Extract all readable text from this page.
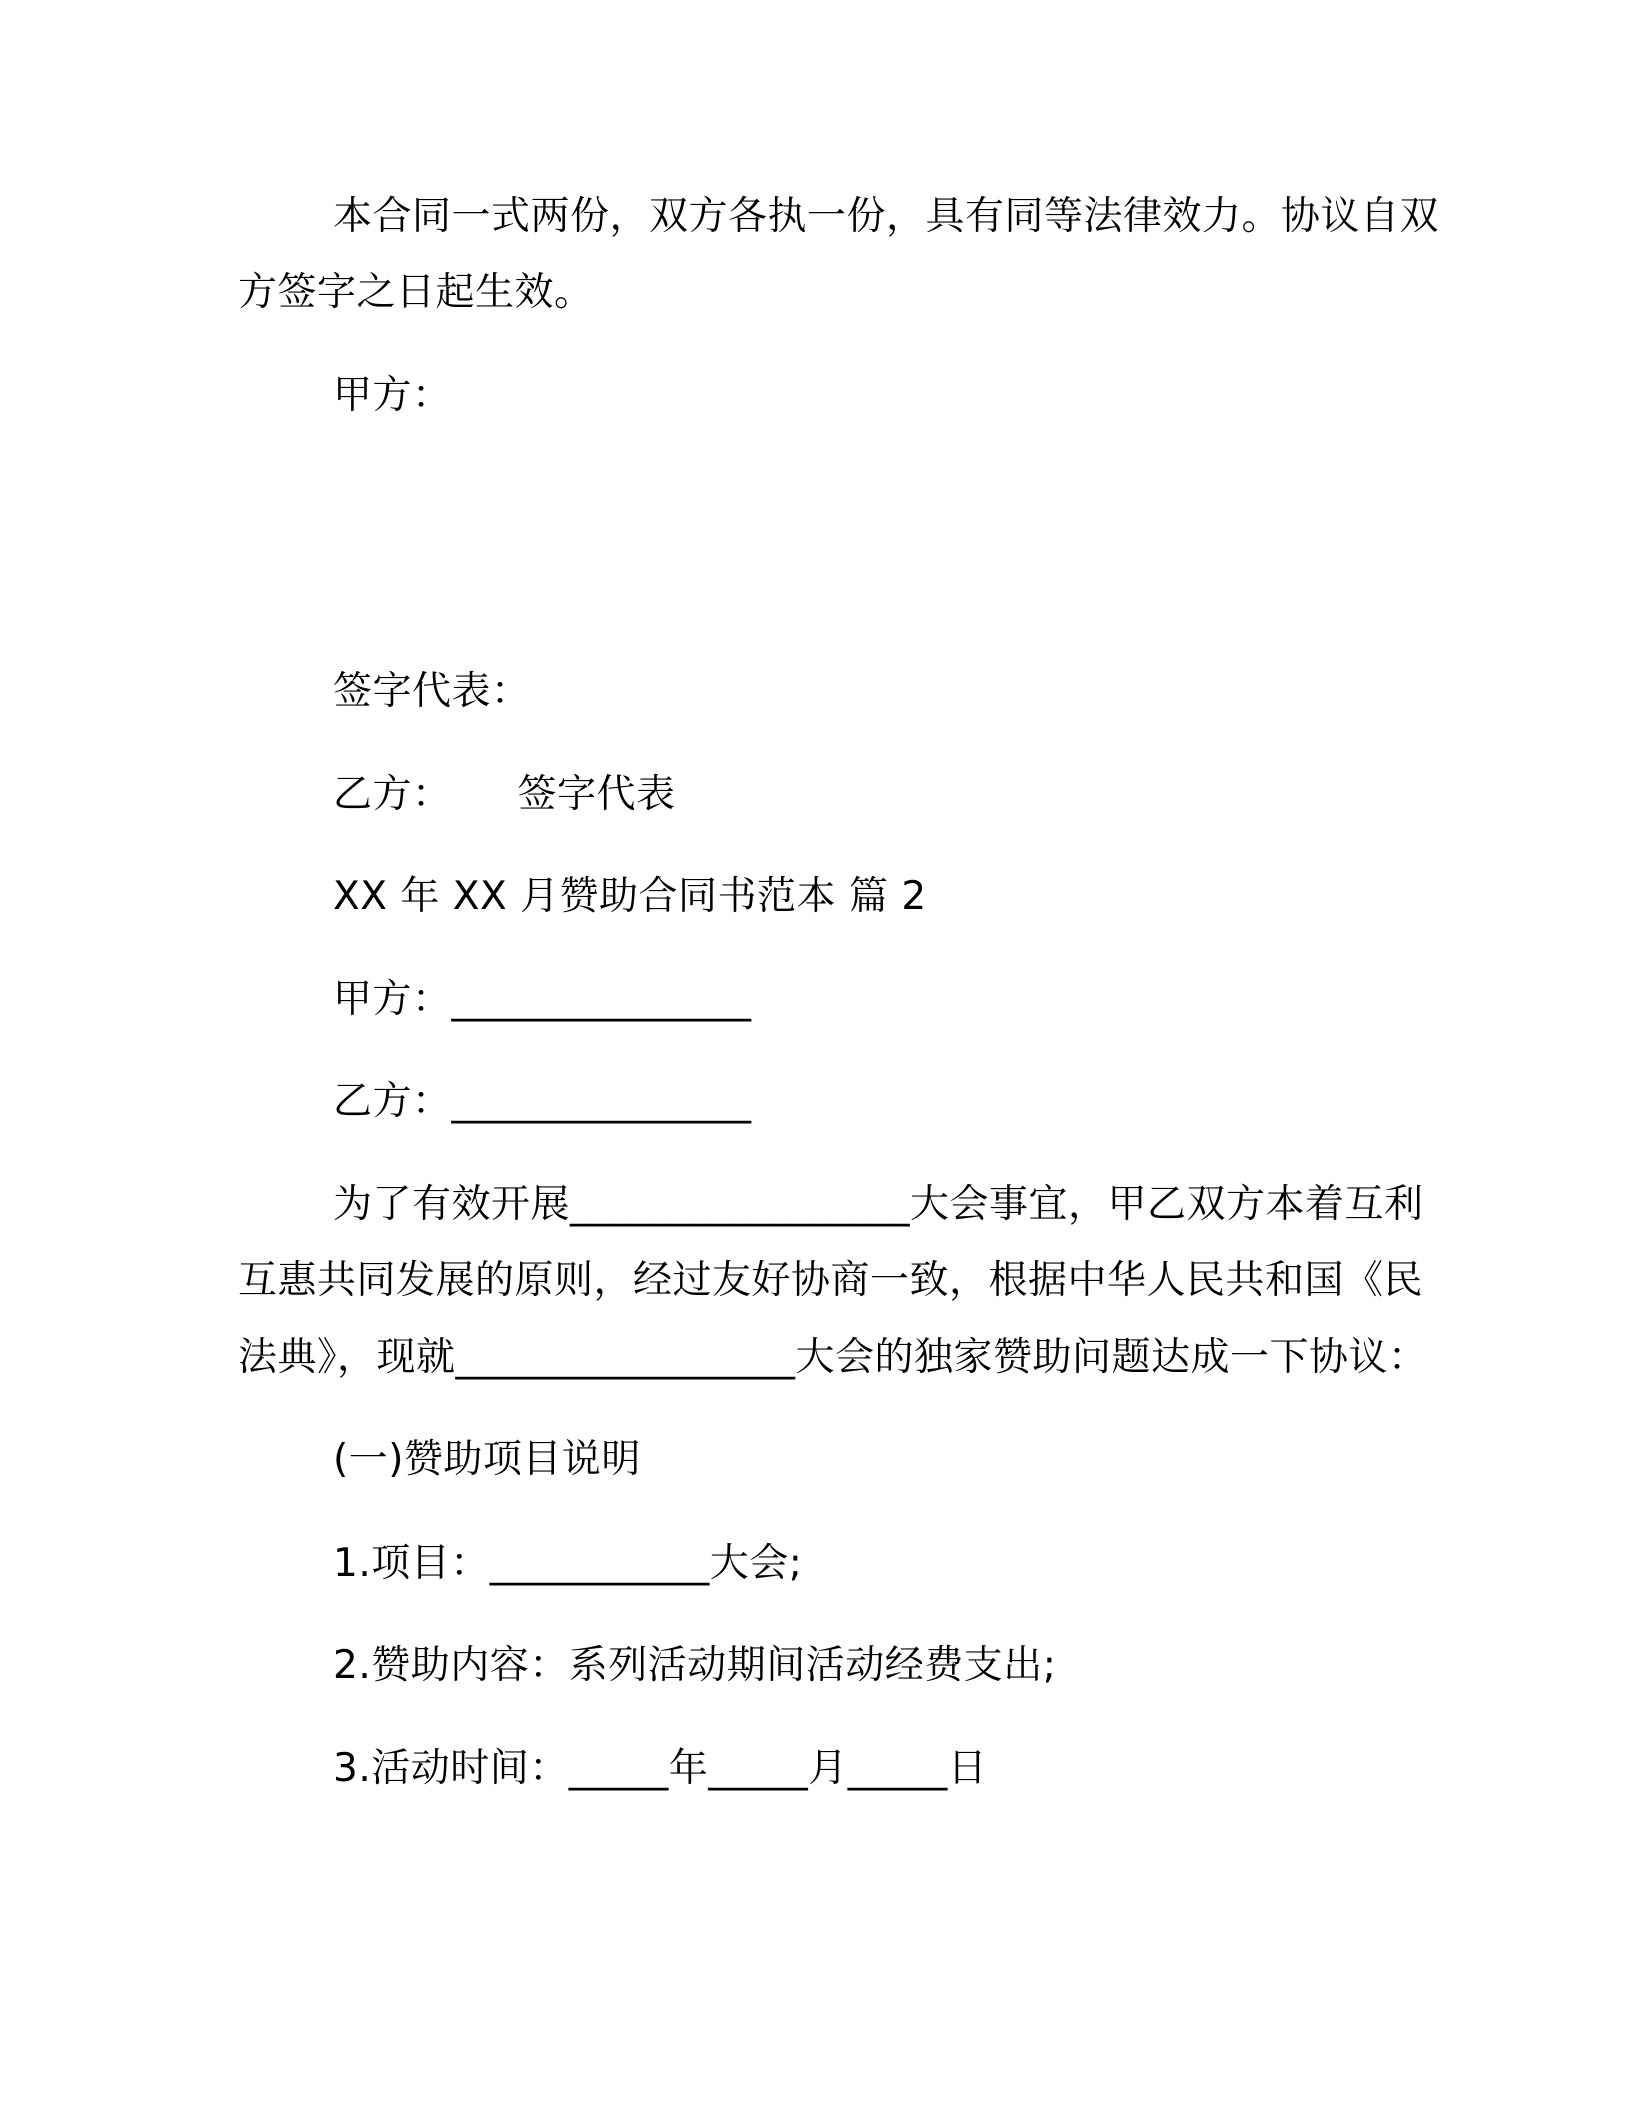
本合同一式两份，双方各执一份，具有同等法律效力。协议自双
方签字之日起生效。
甲方：
签字代表：
乙方： 签字代表
XX 年 XX 月赞助合同书范本 篇 2
甲方：_______________
乙方：_______________
为了有效开展_________________大会事宜，甲乙双方本着互利
互惠共同发展的原则，经过友好协商一致，根据中华人民共和国《民
法典》，现就_________________大会的独家赞助问题达成一下协议：
(一)赞助项目说明
1.项目：___________大会;
2.赞助内容：系列活动期间活动经费支出;
3.活动时间：_____年_____月_____日
